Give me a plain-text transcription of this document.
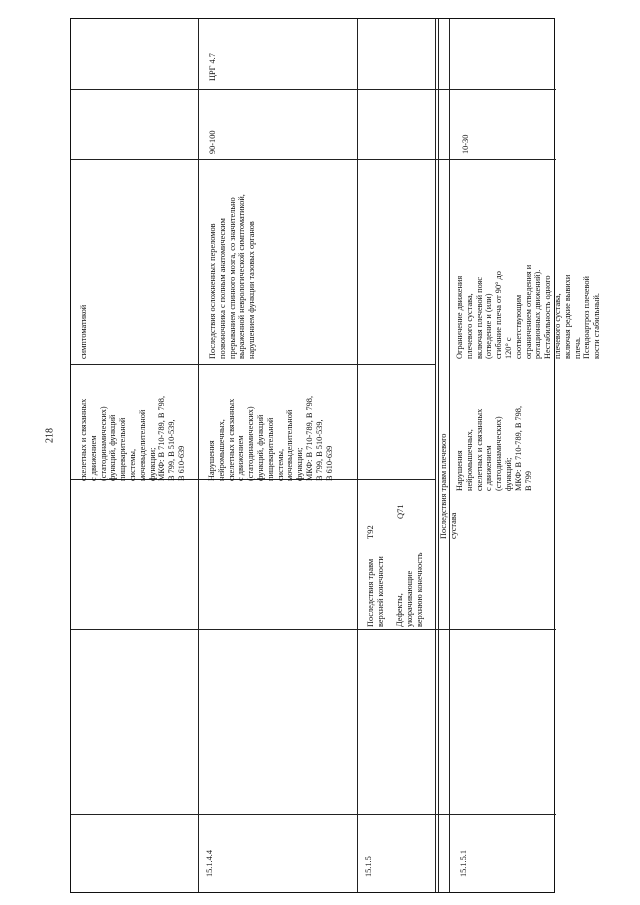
218
скелетных и связанных
с движением
(статодинамических)
функций, функций
пищеварительной
системы,
мочевыделительной
функции;
МКФ: В 710-789, В 798,
В 799, В 510-539,
В 610-639
симптоматикой
15.1.4.4
Нарушения
нейромышечных,
скелетных и связанных
с движением
(статодинамических)
функций, функций
пищеварительной
системы,
мочевыделительной
функции;
МКФ: В 710-789, В 798,
В 799, В 510-539,
В 610-639
Последствия осложненных переломов
позвоночника с полным анатомическим
прерыванием спинного мозга, со значительно
выраженной неврологической симптоматикой,
нарушением функции тазовых органов
90-100
ЦРГ 4.7
15.1.5
Последствия травм
верхней конечности

Дефекты,
укорачивающие
верхнюю конечность
T92
Q71	Последствия травм плечевого сустава
15.1.5.1
Нарушения
нейромышечных,
скелетных и связанных
с движением
(статодинамических)
функций;
МКФ: В 710-789, В 798,
В 799
Ограничение движения плечевого сустава,
включая плечевой пояс (отведение и (или)
сгибание плеча от 90° до 120° с
соответствующим ограничением отведения и
ротационных движений).
Нестабильность одного плечевого сустава,
включая редкие вывихи плеча.
Псевдоартроз плечевой кости стабильный.
10-30
